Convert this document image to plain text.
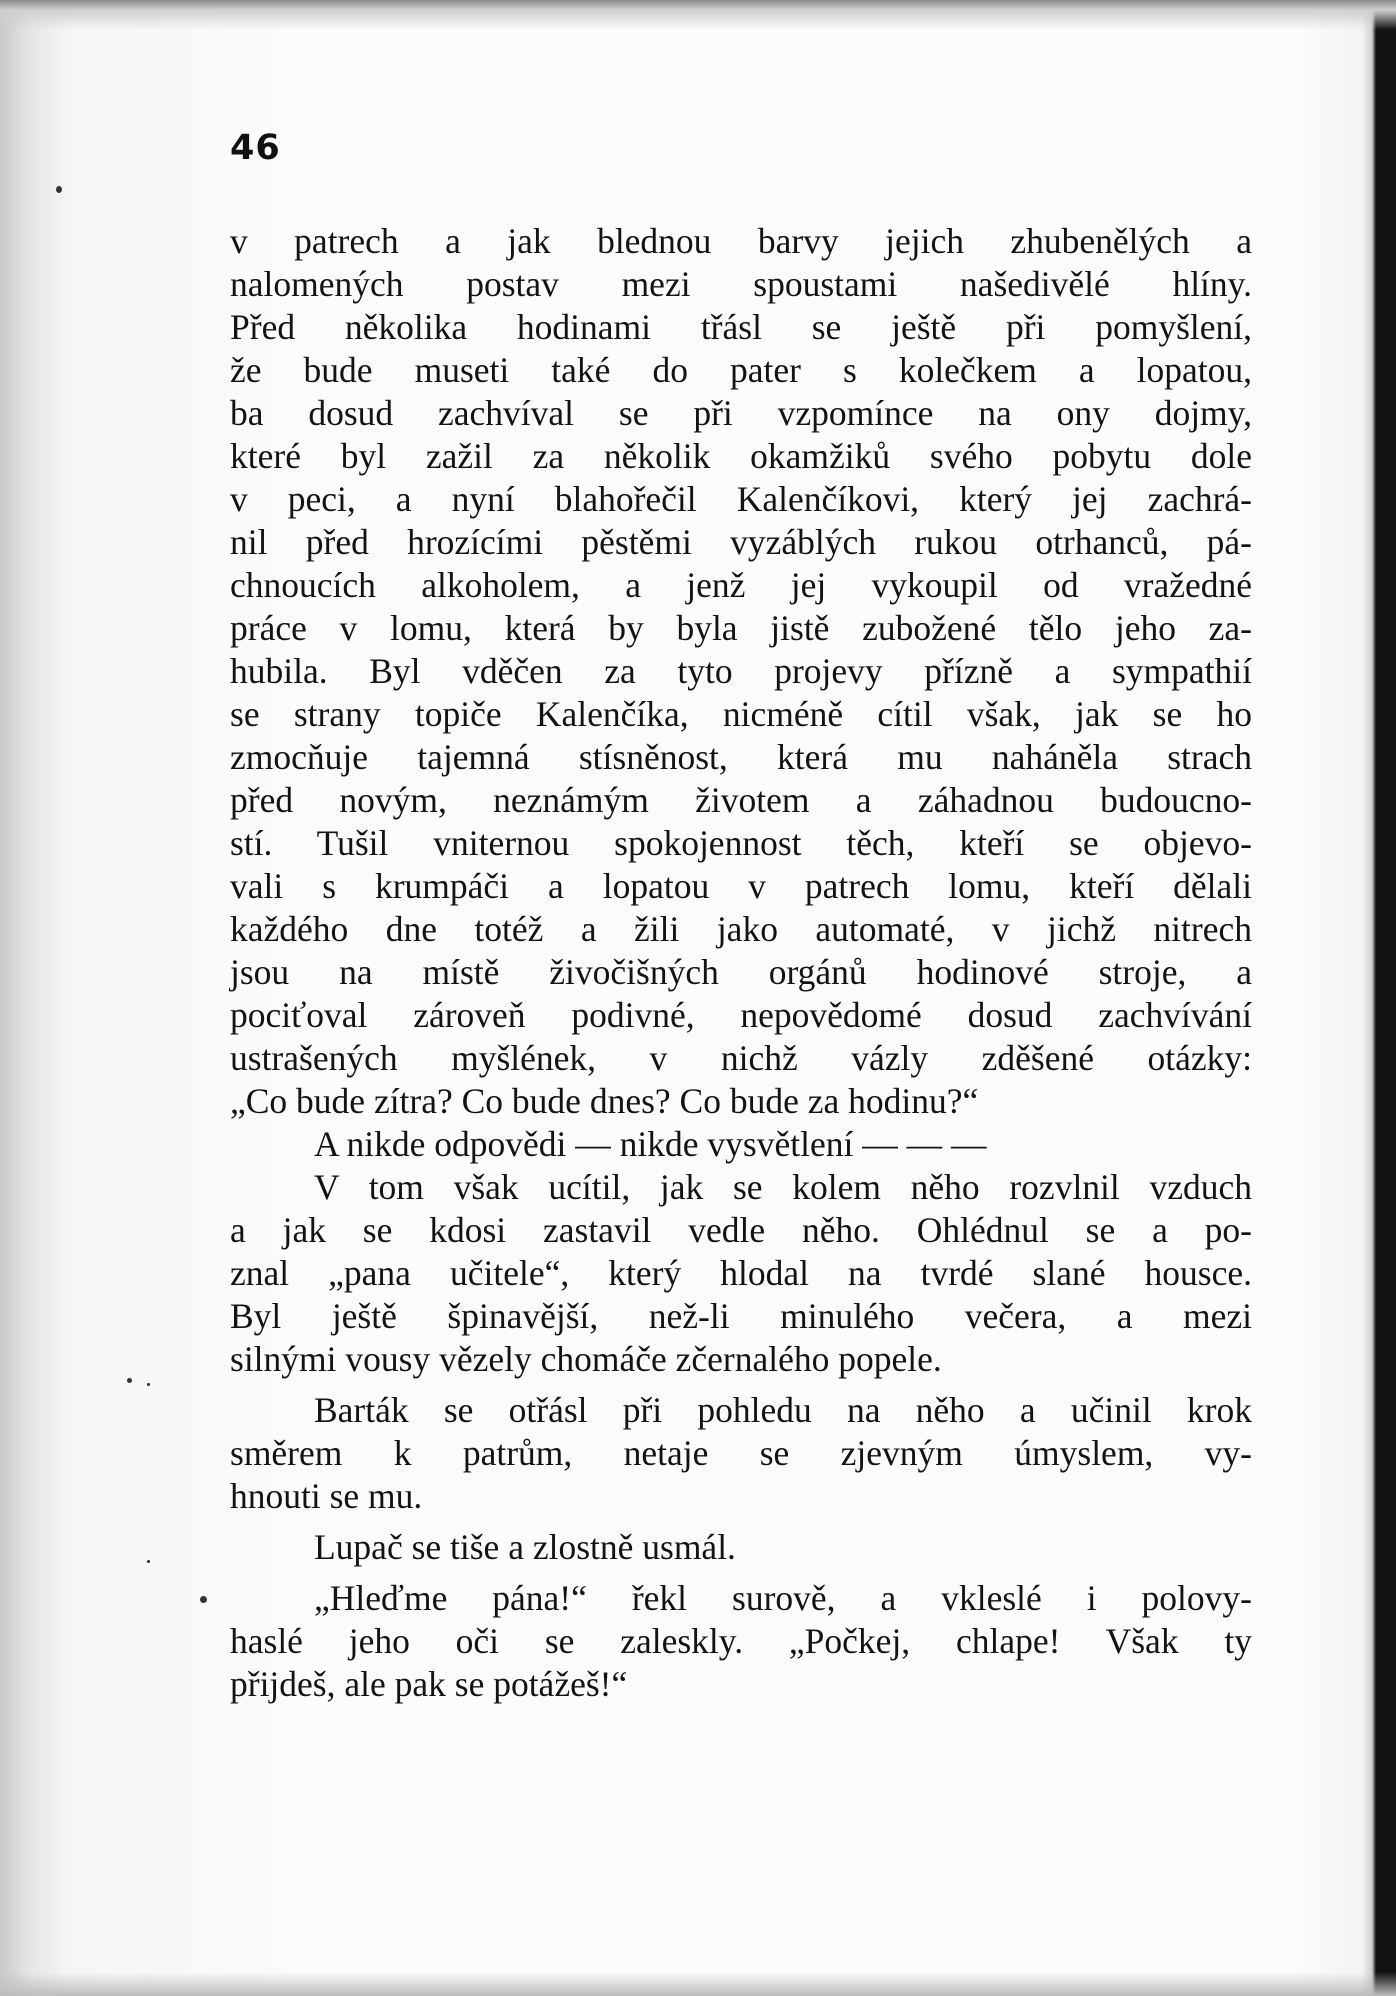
46
v patrech a jak blednou barvy jejich zhubenělých a
nalomených postav mezi spoustami našedivělé hlíny.
Před několika hodinami třásl se ještě při pomyšlení,
že bude museti také do pater s kolečkem a lopatou,
ba dosud zachvíval se při vzpomínce na ony dojmy,
které byl zažil za několik okamžiků svého pobytu dole
v peci, a nyní blahořečil Kalenčíkovi, který jej zachrá-
nil před hrozícími pěstěmi vyzáblých rukou otrhanců, pá-
chnoucích alkoholem, a jenž jej vykoupil od vražedné
práce v lomu, která by byla jistě zubožené tělo jeho za-
hubila. Byl vděčen za tyto projevy přízně a sympathií
se strany topiče Kalenčíka, nicméně cítil však, jak se ho
zmocňuje tajemná stísněnost, která mu naháněla strach
před novým, neznámým životem a záhadnou budoucno-
stí. Tušil vniternou spokojennost těch, kteří se objevo-
vali s krumpáči a lopatou v patrech lomu, kteří dělali
každého dne totéž a žili jako automaté, v jichž nitrech
jsou na místě živočišných orgánů hodinové stroje, a
pociťoval zároveň podivné, nepovědomé dosud zachvívání
ustrašených myšlének, v nichž vázly zděšené otázky:
„Co bude zítra? Co bude dnes? Co bude za hodinu?“
A nikde odpovědi — nikde vysvětlení — — —
V tom však ucítil, jak se kolem něho rozvlnil vzduch
a jak se kdosi zastavil vedle něho. Ohlédnul se a po-
znal „pana učitele“, který hlodal na tvrdé slané housce.
Byl ještě špinavější, než-li minulého večera, a mezi
silnými vousy vězely chomáče zčernalého popele.
Barták se otřásl při pohledu na něho a učinil krok
směrem k patrům, netaje se zjevným úmyslem, vy-
hnouti se mu.
Lupač se tiše a zlostně usmál.
„Hleďme pána!“ řekl surově, a vkleslé i polovy-
haslé jeho oči se zaleskly. „Počkej, chlape! Však ty
přijdeš, ale pak se potážeš!“
